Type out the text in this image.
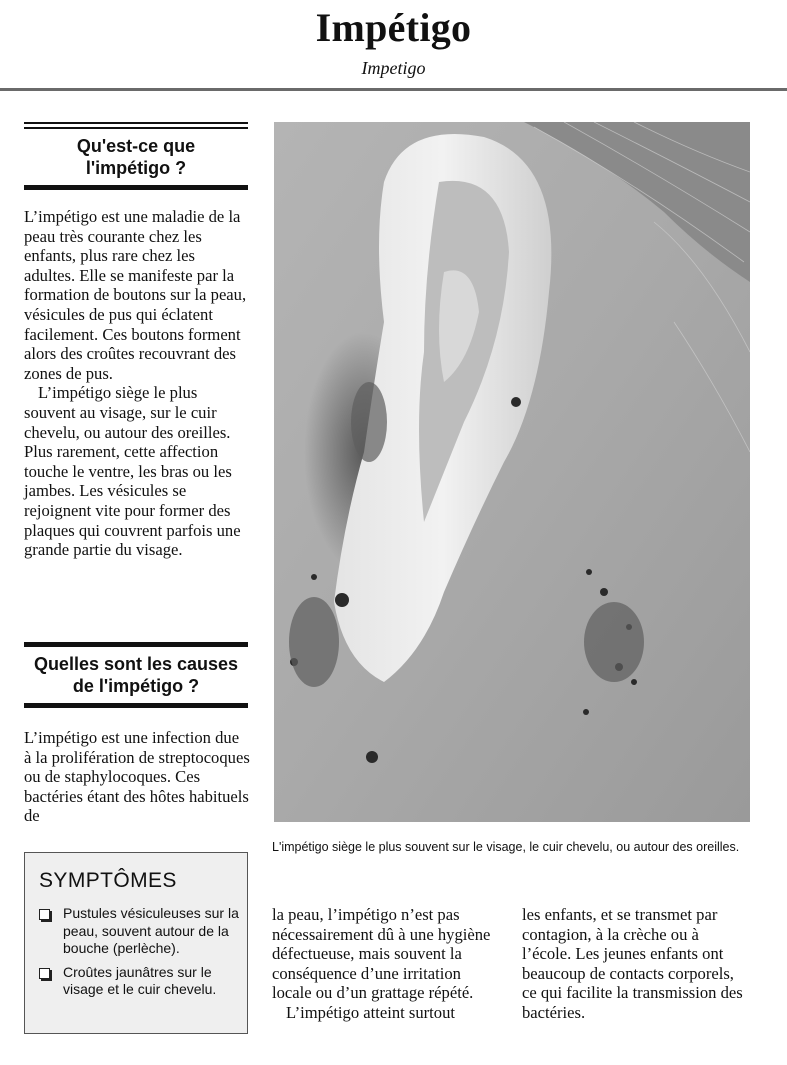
Impétigo
Impetigo
Qu'est-ce que
l'impétigo ?

L’impétigo est une maladie de la peau très courante chez les enfants, plus rare chez les adultes. Elle se manifeste par la formation de boutons sur la peau, vésicules de pus qui éclatent facilement. Ces boutons forment alors des croûtes recouvrant des zones de pus.

L’impétigo siège le plus souvent au visage, sur le cuir chevelu, ou autour des oreilles. Plus rarement, cette affection touche le ventre, les bras ou les jambes. Les vésicules se rejoignent vite pour former des plaques qui couvrent parfois une grande partie du visage.

Quelles sont les causes
de l'impétigo ?

L’impétigo est une infection due à la prolifération de streptocoques ou de staphylocoques. Ces bactéries étant des hôtes habituels de

L'impétigo siège le plus souvent sur le visage, le cuir chevelu, ou autour des oreilles.

la peau, l’impétigo n’est pas nécessairement dû à une hygiène défectueuse, mais souvent la conséquence d’une irritation locale ou d’un grattage répété.

L’impétigo atteint surtout

les enfants, et se transmet par contagion, à la crèche ou à l’école. Les jeunes enfants ont beaucoup de contacts corporels, ce qui facilite la transmission des bactéries.

SYMPTÔMES
Pustules vésiculeuses sur la peau, souvent autour de la bouche (perlèche).
Croûtes jaunâtres sur le visage et le cuir chevelu.
